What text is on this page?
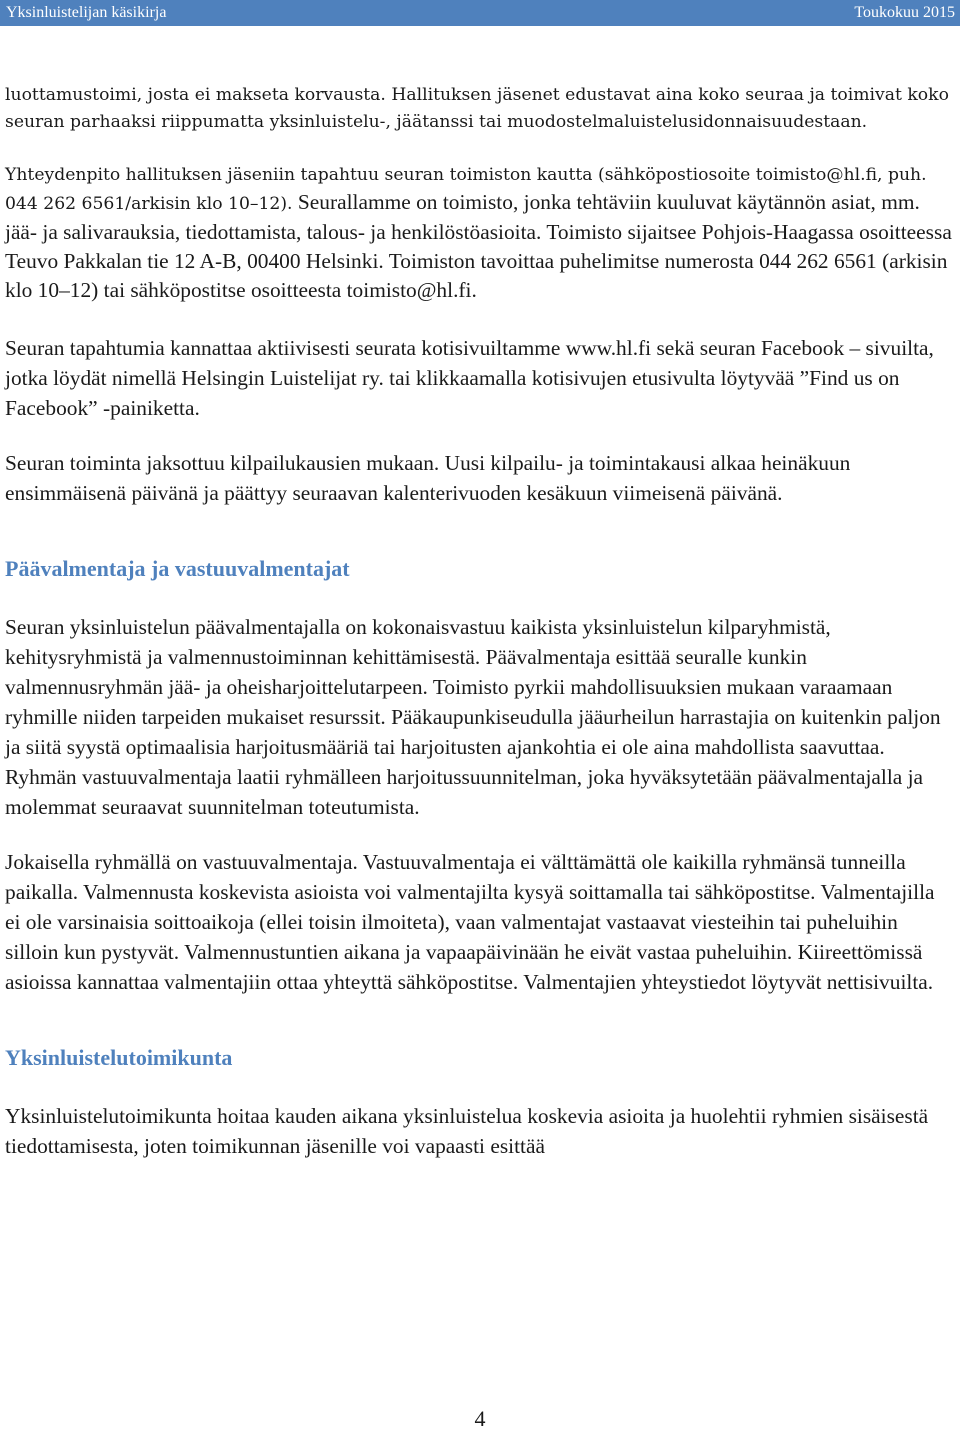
Yksinluistelijan käsikirja	Toukokuu 2015

luottamustoimi, josta ei makseta korvausta. Hallituksen jäsenet edustavat aina koko seuraa ja toimivat koko seuran parhaaksi riippumatta yksinluistelu-, jäätanssi tai muodostelmaluistelusidonnaisuudestaan.

Yhteydenpito hallituksen jäseniin tapahtuu seuran toimiston kautta (sähköpostiosoite toimisto@hl.fi, puh. 044 262 6561/arkisin klo 10–12). Seurallamme on toimisto, jonka tehtäviin kuuluvat käytännön asiat, mm. jää- ja salivarauksia, tiedottamista, talous- ja henkilöstöasioita. Toimisto sijaitsee Pohjois-Haagassa osoitteessa Teuvo Pakkalan tie 12 A-B, 00400 Helsinki. Toimiston tavoittaa puhelimitse numerosta 044 262 6561 (arkisin klo 10–12) tai sähköpostitse osoitteesta toimisto@hl.fi.

Seuran tapahtumia kannattaa aktiivisesti seurata kotisivuiltamme www.hl.fi sekä seuran Facebook – sivuilta, jotka löydät nimellä Helsingin Luistelijat ry. tai klikkaamalla kotisivujen etusivulta löytyvää ”Find us on Facebook” -painiketta.

Seuran toiminta jaksottuu kilpailukausien mukaan. Uusi kilpailu- ja toimintakausi alkaa heinäkuun ensimmäisenä päivänä ja päättyy seuraavan kalenterivuoden kesäkuun viimeisenä päivänä.

Päävalmentaja ja vastuuvalmentajat

Seuran yksinluistelun päävalmentajalla on kokonaisvastuu kaikista yksinluistelun kilparyhmistä, kehitysryhmistä ja valmennustoiminnan kehittämisestä. Päävalmentaja esittää seuralle kunkin valmennusryhmän jää- ja oheisharjoittelutarpeen. Toimisto pyrkii mahdollisuuksien mukaan varaamaan ryhmille niiden tarpeiden mukaiset resurssit. Pääkaupunkiseudulla jääurheilun harrastajia on kuitenkin paljon ja siitä syystä optimaalisia harjoitusmääriä tai harjoitusten ajankohtia ei ole aina mahdollista saavuttaa. Ryhmän vastuuvalmentaja laatii ryhmälleen harjoitussuunnitelman, joka hyväksytetään päävalmentajalla ja molemmat seuraavat suunnitelman toteutumista.

Jokaisella ryhmällä on vastuuvalmentaja. Vastuuvalmentaja ei välttämättä ole kaikilla ryhmänsä tunneilla paikalla. Valmennusta koskevista asioista voi valmentajilta kysyä soittamalla tai sähköpostitse. Valmentajilla ei ole varsinaisia soittoaikoja (ellei toisin ilmoiteta), vaan valmentajat vastaavat viesteihin tai puheluihin silloin kun pystyvät. Valmennustuntien aikana ja vapaapäivinään he eivät vastaa puheluihin. Kiireettömissä asioissa kannattaa valmentajiin ottaa yhteyttä sähköpostitse. Valmentajien yhteystiedot löytyvät nettisivuilta.

Yksinluistelutoimikunta

Yksinluistelutoimikunta hoitaa kauden aikana yksinluistelua koskevia asioita ja huolehtii ryhmien sisäisestä tiedottamisesta, joten toimikunnan jäsenille voi vapaasti esittää

4
